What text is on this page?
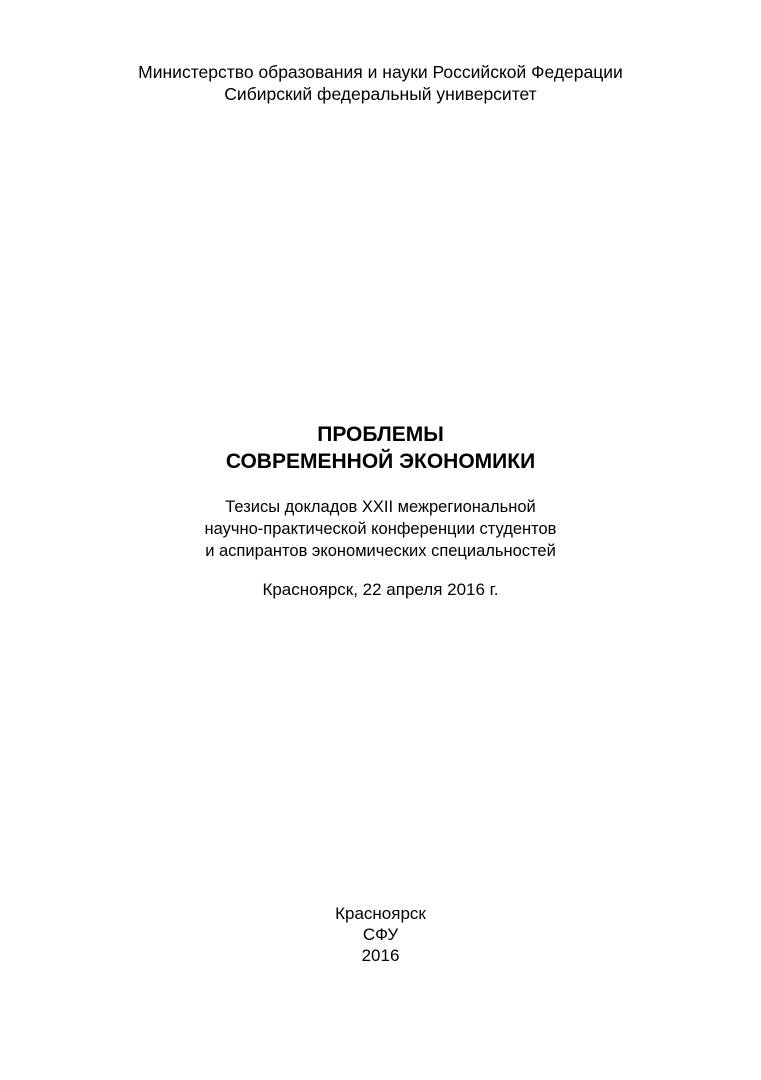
Министерство образования и науки Российской Федерации
Сибирский федеральный университет
ПРОБЛЕМЫ
СОВРЕМЕННОЙ ЭКОНОМИКИ
Тезисы докладов XXII межрегиональной
научно-практической конференции студентов
и аспирантов экономических специальностей
Красноярск, 22 апреля 2016 г.
Красноярск
СФУ
2016
